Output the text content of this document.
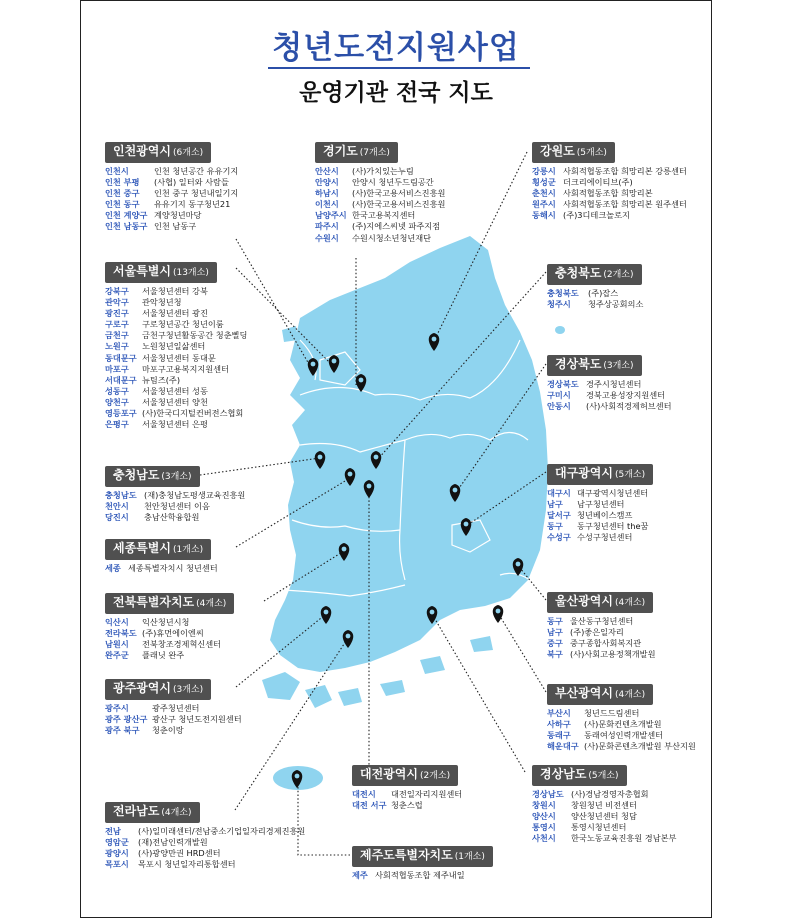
청년도전지원사업
운영기관 전국 지도
인천광역시 (6개소)
인천시	인천 청년공간 유유기지
인천 부평 (사협) 일터와 사람들
인천 중구 인천 중구 청년내일기지
인천 동구 유유기지 동구청년21
인천 계양구 계양청년마당
인천 남동구 인천 남동구
경기도 (7개소)
안산시 (사)가치있는누림
안양시 안양시 청년두드림공간
하남시 (사)한국고용서비스진흥원
이천시 (사)한국고용서비스진흥원
남양주시 한국고용복지센터
파주시 (주)지에스씨넷 파주지점
수원시 수원시청소년청년재단
강원도 (5개소)
강릉시 사회적협동조합 희망리본 강릉센터
횡성군 더크리에이티브(주)
춘천시 사회적협동조합 희망리본
원주시 사회적협동조합 희망리본 원주센터
동해시 (주)3디테크놀로지
서울특별시 (13개소)
강북구 서울청년센터 강북
관악구 관악청년청
광진구 서울청년센터 광진
구로구 구로청년공간 청년이룸
금천구 금천구청년활동공간 청춘삘딩
노원구 노원청년일삶센터
동대문구 서울청년센터 동대문
마포구 마포구고용복지지원센터
서대문구 뉴팀즈(주)
성동구 서울청년센터 성동
양천구 서울청년센터 양천
영등포구 (사)한국디지털컨버전스협회
은평구 서울청년센터 은평
충청북도 (2개소)
충청북도 (주)잡스
청주시 청주상공회의소
경상북도 (3개소)
경상북도 경주시청년센터
구미시 경북고용성장지원센터
안동시 (사)사회적경제허브센터
충청남도 (3개소)
충청남도 (재)충청남도평생교육진흥원
천안시 천안청년센터 이음
당진시 충남산학융합원
대구광역시 (5개소)
대구시 대구광역시청년센터
남구 남구청년센터
달서구 청년베이스캠프
동구 동구청년센터 the꿈
수성구 수성구청년센터
세종특별시 (1개소)
세종 세종특별자치시 청년센터
전북특별자치도 (4개소)
익산시 익산청년시청
전라북도 (주)휴먼에이엔씨
남원시 전북창조경제혁신센터
완주군 플래닛 완주
울산광역시 (4개소)
동구 울산동구청년센터
남구 (주)좋은일자리
중구 중구종합사회복지관
북구 (사)사회고용정책개발원
광주광역시 (3개소)
광주시	광주청년센터
광주 광산구 광산구 청년도전지원센터
광주 북구 청춘이랑
부산광역시 (4개소)
부산시 청년드드림센터
사하구 (사)문화컨텐츠개발원
동래구 동래여성인력개발센터
해운대구 (사)문화콘텐츠개발원 부산지원
대전광역시 (2개소)
대전시 대전일자리지원센터
대전 서구 청춘스럽
경상남도 (5개소)
경상남도 (사)경남경영자총협회
창원시 창원청년 비전센터
양산시 양산청년센터 청담
통영시 통영시청년센터
사천시 한국노동교육진흥원 경남본부
전라남도 (4개소)
전남 (사)일미래센터/전남중소기업일자리경제진흥원
영암군 (재)전남인력개발원
광양시 (사)광양만권 HRD센터
목포시 목포시 청년일자리통합센터
제주도특별자치도 (1개소)
제주 사회적협동조합 제주내일
